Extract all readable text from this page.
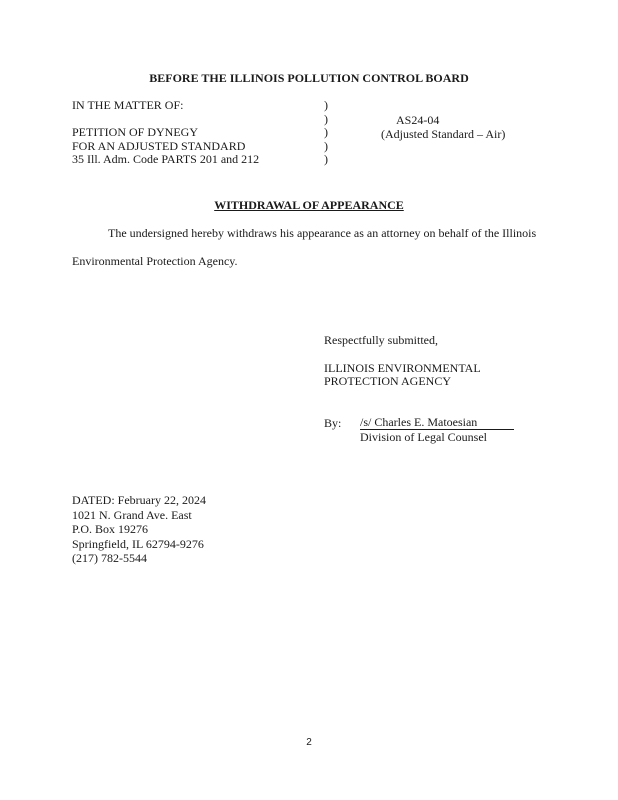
BEFORE THE ILLINOIS POLLUTION CONTROL BOARD
IN THE MATTER OF:
PETITION OF DYNEGY
FOR AN ADJUSTED STANDARD
35 Ill. Adm. Code PARTS 201 and 212
)
)
)
)
)
AS24-04
(Adjusted Standard – Air)
WITHDRAWAL OF APPEARANCE
The undersigned hereby withdraws his appearance as an attorney on behalf of the Illinois
Environmental Protection Agency.
Respectfully submitted,
ILLINOIS ENVIRONMENTAL
PROTECTION AGENCY
By: /s/ Charles E. Matoesian
Division of Legal Counsel
DATED: February 22, 2024
1021 N. Grand Ave. East
P.O. Box 19276
Springfield, IL 62794-9276
(217) 782-5544
2
